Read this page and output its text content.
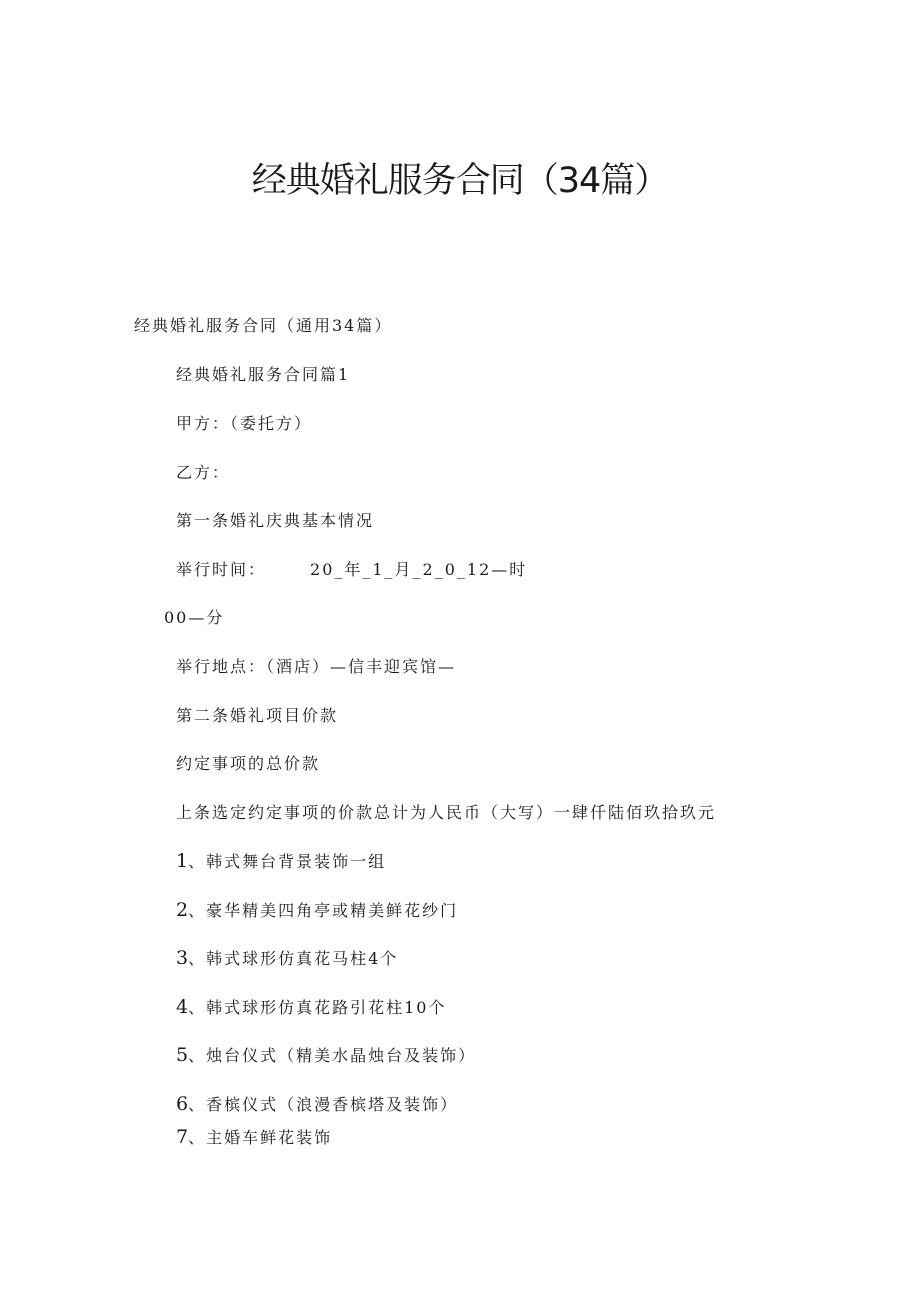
经典婚礼服务合同（34篇）

经典婚礼服务合同（通用34篇）

经典婚礼服务合同篇1

甲方：（委托方）

乙方：

第一条婚礼庆典基本情况

举行时间：	20_年_1_月_2_0_12—时

00—分

举行地点：（酒店）—信丰迎宾馆—

第二条婚礼项目价款

约定事项的总价款

上条选定约定事项的价款总计为人民币（大写）一肆仟陆佰玖拾玖元

1、韩式舞台背景装饰一组

2、豪华精美四角亭或精美鲜花纱门

3、韩式球形仿真花马柱4个

4、韩式球形仿真花路引花柱10个

5、烛台仪式（精美水晶烛台及装饰）

6、香槟仪式（浪漫香槟塔及装饰）

7、主婚车鲜花装饰
